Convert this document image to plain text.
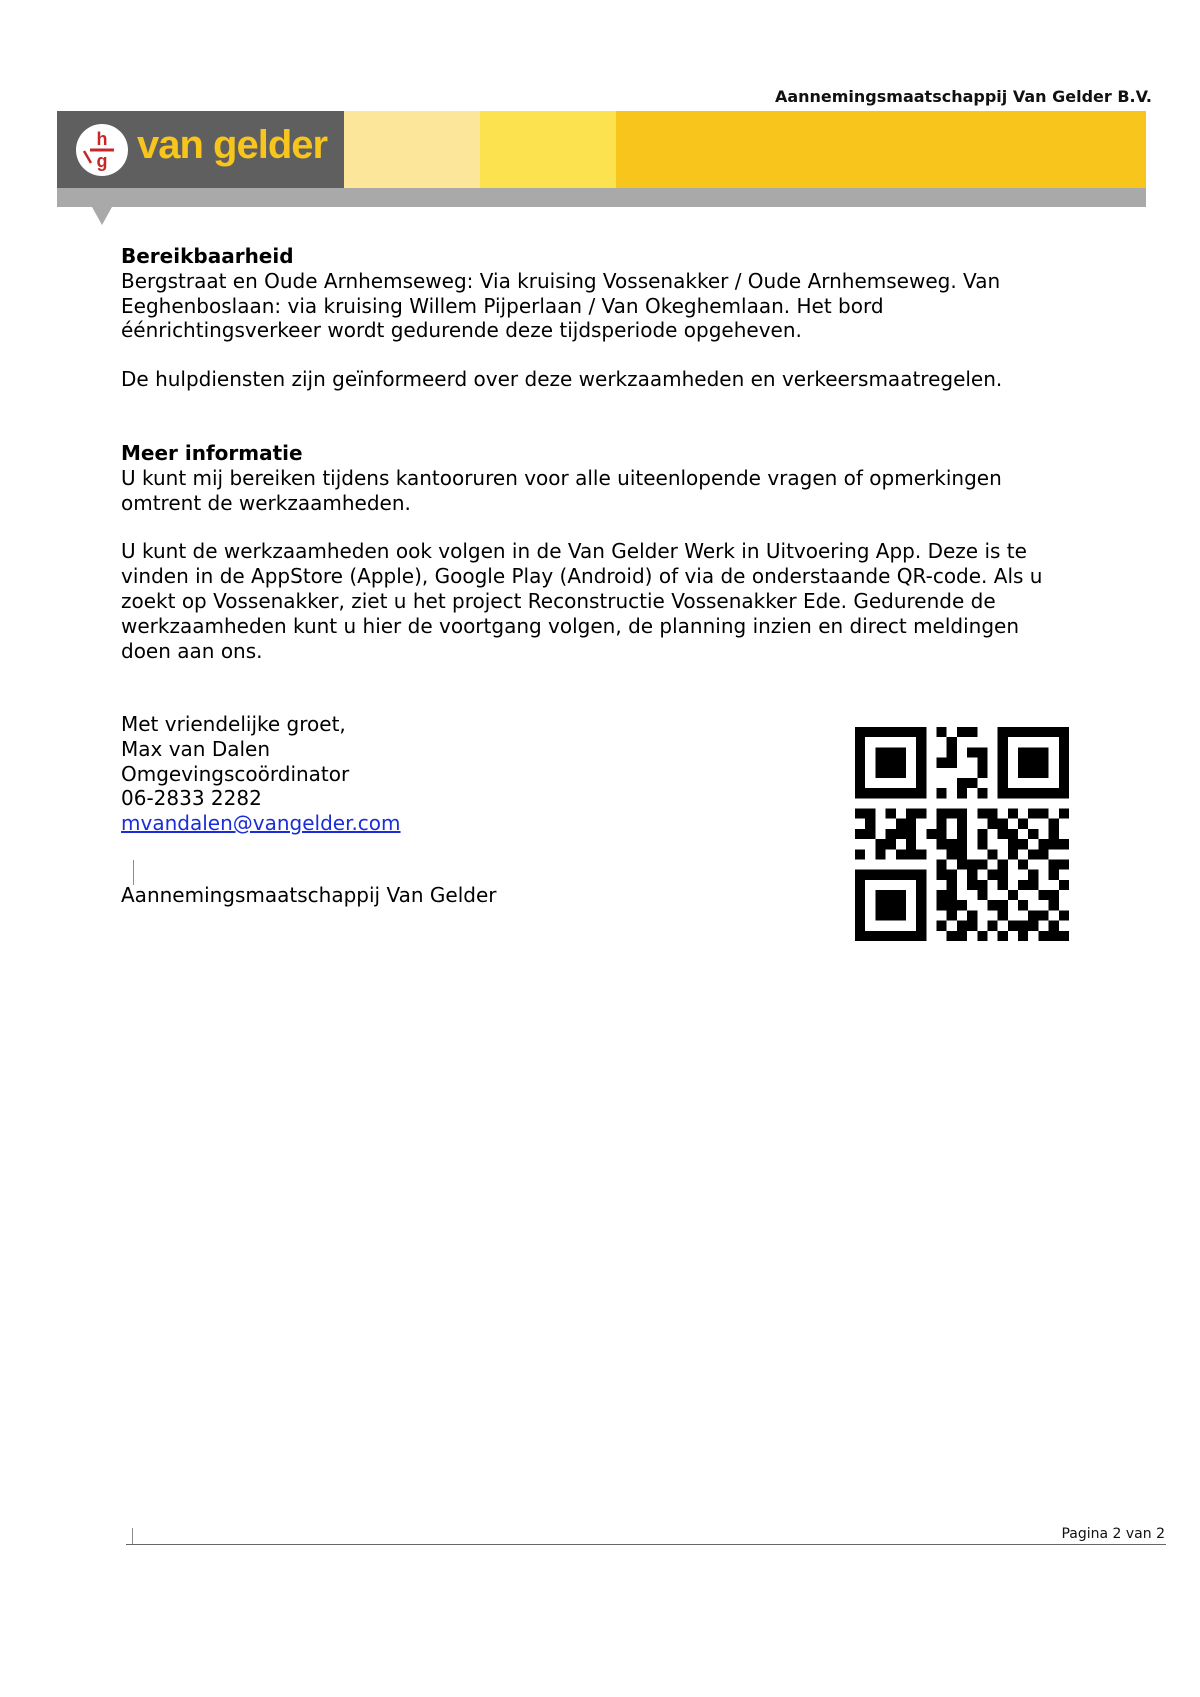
Aannemingsmaatschappij Van Gelder B.V.
h
g van gelder

Bereikbaarheid

Bergstraat en Oude Arnhemseweg: Via kruising Vossenakker / Oude Arnhemseweg. Van Eeghenboslaan: via kruising Willem Pijperlaan / Van Okeghemlaan. Het bord éénrichtingsverkeer wordt gedurende deze tijdsperiode opgeheven.

De hulpdiensten zijn geïnformeerd over deze werkzaamheden en verkeersmaatregelen.

Meer informatie

U kunt mij bereiken tijdens kantooruren voor alle uiteenlopende vragen of opmerkingen omtrent de werkzaamheden.

U kunt de werkzaamheden ook volgen in de Van Gelder Werk in Uitvoering App. Deze is te vinden in de AppStore (Apple), Google Play (Android) of via de onderstaande QR-code. Als u zoekt op Vossenakker, ziet u het project Reconstructie Vossenakker Ede. Gedurende de werkzaamheden kunt u hier de voortgang volgen, de planning inzien en direct meldingen doen aan ons.

Met vriendelijke groet,
Max van Dalen
Omgevingscoördinator
06-2833 2282
mvandalen@vangelder.com
Aannemingsmaatschappij Van Gelder
Pagina 2 van 2
